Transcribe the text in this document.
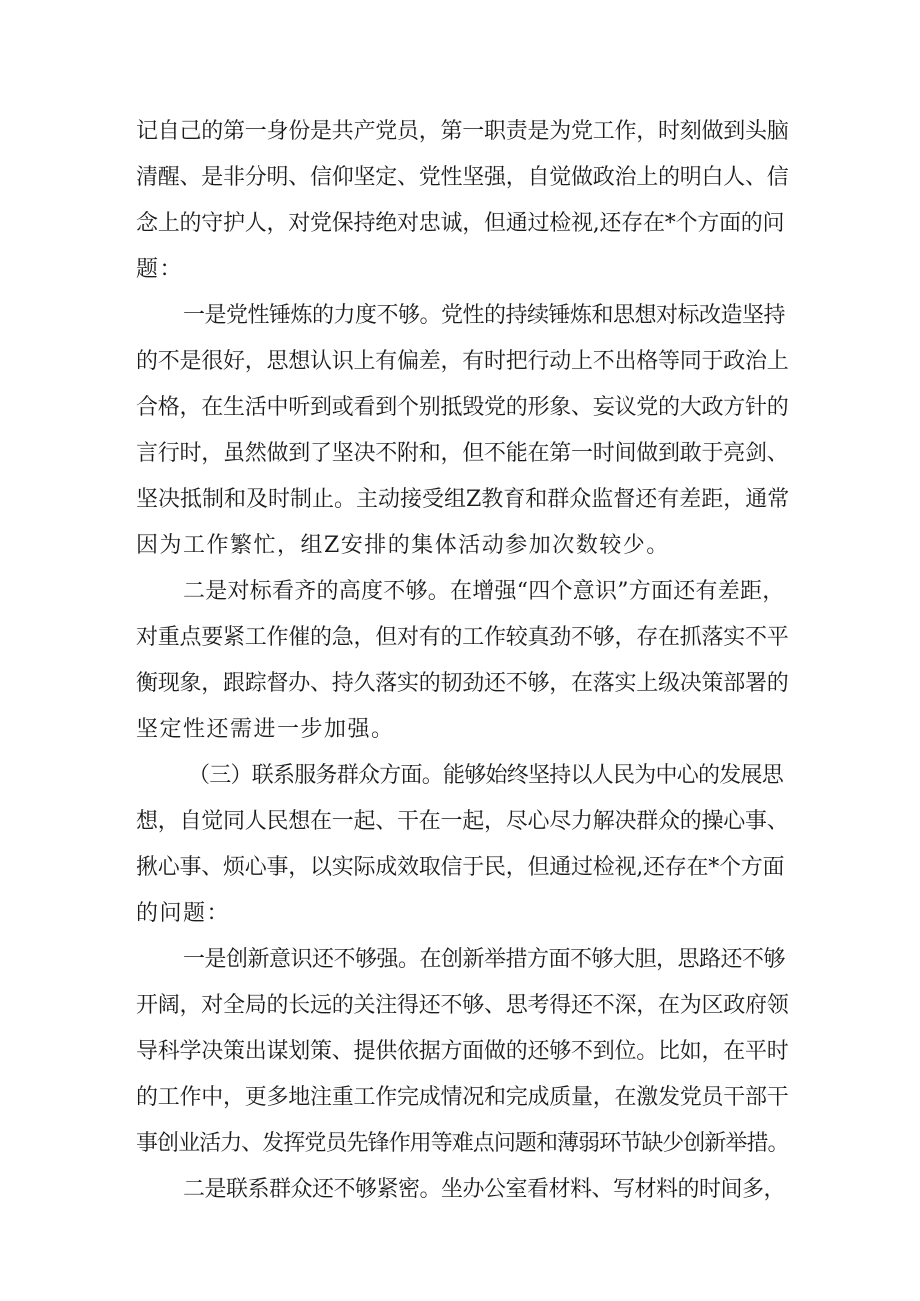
记自己的第一身份是共产党员，第一职责是为党工作，时刻做到头脑
清醒、是非分明、信仰坚定、党性坚强，自觉做政治上的明白人、信
念上的守护人，对党保持绝对忠诚，但通过检视,还存在*个方面的问
题：
一是党性锤炼的力度不够。党性的持续锤炼和思想对标改造坚持
的不是很好，思想认识上有偏差，有时把行动上不出格等同于政治上
合格，在生活中听到或看到个别抵毁党的形象、妄议党的大政方针的
言行时，虽然做到了坚决不附和，但不能在第一时间做到敢于亮剑、
坚决抵制和及时制止。主动接受组Z教育和群众监督还有差距，通常
因为工作繁忙，组Z安排的集体活动参加次数较少。
二是对标看齐的高度不够。在增强“四个意识”方面还有差距，
对重点要紧工作催的急，但对有的工作较真劲不够，存在抓落实不平
衡现象，跟踪督办、持久落实的韧劲还不够，在落实上级决策部署的
坚定性还需进一步加强。
（三）联系服务群众方面。能够始终坚持以人民为中心的发展思
想，自觉同人民想在一起、干在一起，尽心尽力解决群众的操心事、
揪心事、烦心事，以实际成效取信于民，但通过检视,还存在*个方面
的问题：
一是创新意识还不够强。在创新举措方面不够大胆，思路还不够
开阔，对全局的长远的关注得还不够、思考得还不深，在为区政府领
导科学决策出谋划策、提供依据方面做的还够不到位。比如，在平时
的工作中，更多地注重工作完成情况和完成质量，在激发党员干部干
事创业活力、发挥党员先锋作用等难点问题和薄弱环节缺少创新举措。
二是联系群众还不够紧密。坐办公室看材料、写材料的时间多，
